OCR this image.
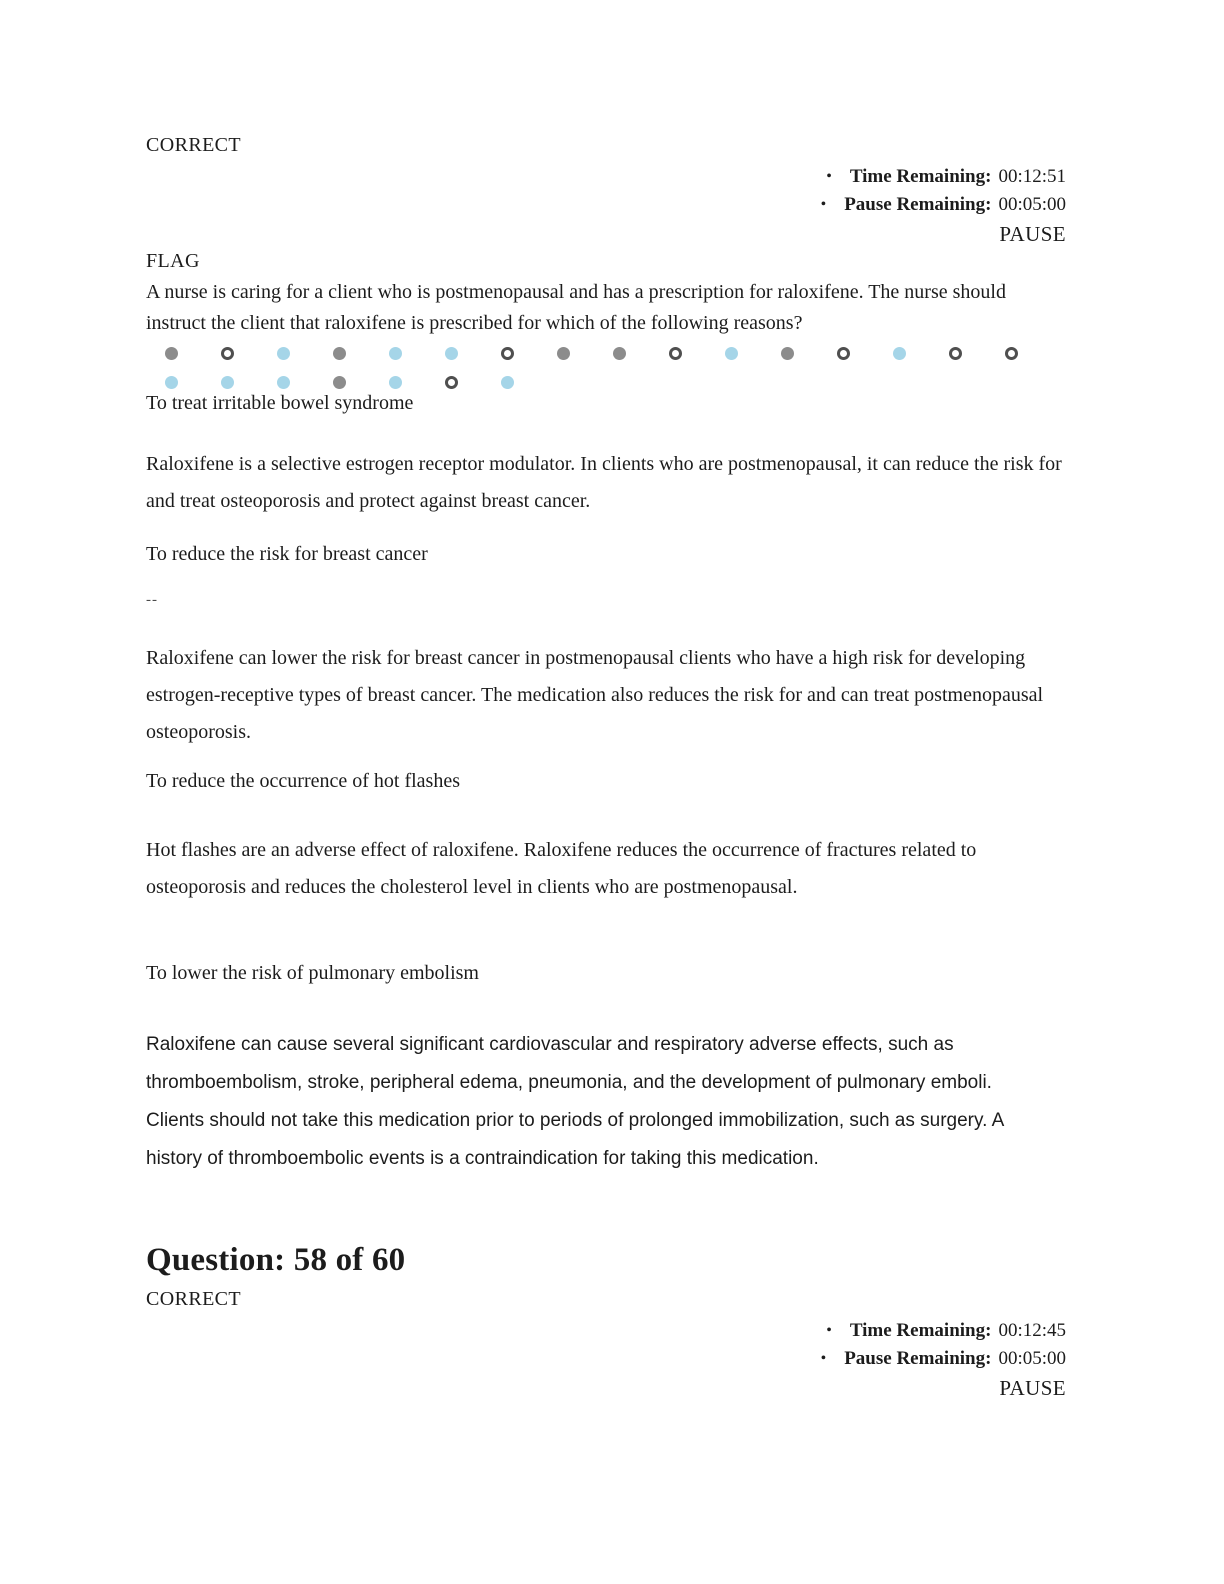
CORRECT
• Time Remaining: 00:12:51
• Pause Remaining: 00:05:00
PAUSE
FLAG
A nurse is caring for a client who is postmenopausal and has a prescription for raloxifene. The nurse should instruct the client that raloxifene is prescribed for which of the following reasons?
To treat irritable bowel syndrome
Raloxifene is a selective estrogen receptor modulator. In clients who are postmenopausal, it can reduce the risk for and treat osteoporosis and protect against breast cancer.
To reduce the risk for breast cancer
--
Raloxifene can lower the risk for breast cancer in postmenopausal clients who have a high risk for developing estrogen-receptive types of breast cancer. The medication also reduces the risk for and can treat postmenopausal osteoporosis.
To reduce the occurrence of hot flashes
Hot flashes are an adverse effect of raloxifene. Raloxifene reduces the occurrence of fractures related to osteoporosis and reduces the cholesterol level in clients who are postmenopausal.
To lower the risk of pulmonary embolism
Raloxifene can cause several significant cardiovascular and respiratory adverse effects, such as thromboembolism, stroke, peripheral edema, pneumonia, and the development of pulmonary emboli. Clients should not take this medication prior to periods of prolonged immobilization, such as surgery. A history of thromboembolic events is a contraindication for taking this medication.
Question: 58 of 60
CORRECT
• Time Remaining: 00:12:45
• Pause Remaining: 00:05:00
PAUSE
